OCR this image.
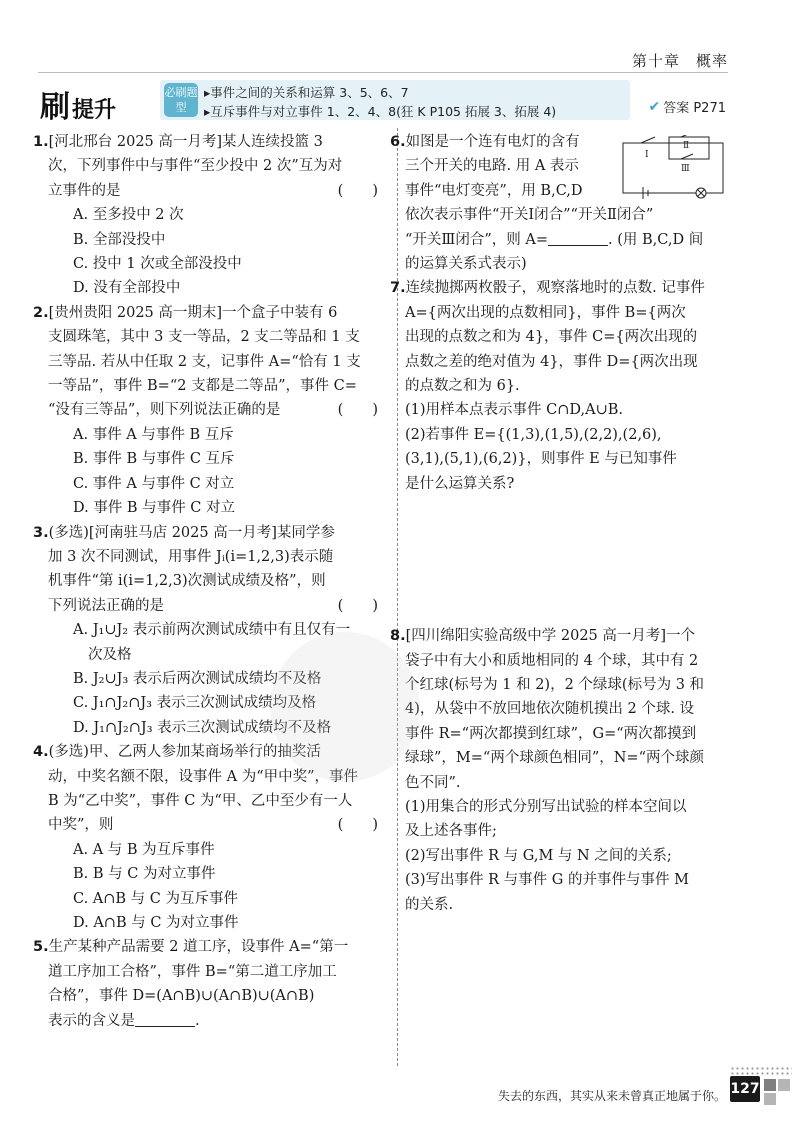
第十章　概率
刷 提升
必刷题型
▸事件之间的关系和运算 3、5、6、7
▸互斥事件与对立事件 1、2、4、8(狂 K P105 拓展 3、拓展 4)	✔ 答案 P271
1.[河北邢台 2025 高一月考]某人连续投篮 3
次，下列事件中与事件“至少投中 2 次”互为对
立事件的是	(　　)
A. 至多投中 2 次
B. 全部没投中
C. 投中 1 次或全部没投中
D. 没有全部投中
2.[贵州贵阳 2025 高一期末]一个盒子中装有 6
支圆珠笔，其中 3 支一等品，2 支二等品和 1 支
三等品. 若从中任取 2 支，记事件 A=“恰有 1 支
一等品”，事件 B=“2 支都是二等品”，事件 C=
“没有三等品”，则下列说法正确的是	(　　)
A. 事件 A 与事件 B 互斥
B. 事件 B 与事件 C 互斥
C. 事件 A 与事件 C 对立
D. 事件 B 与事件 C 对立
3.(多选)[河南驻马店 2025 高一月考]某同学参
加 3 次不同测试，用事件 Jᵢ(i=1,2,3)表示随
机事件“第 i(i=1,2,3)次测试成绩及格”，则
下列说法正确的是	(　　)
A. J₁∪J₂ 表示前两次测试成绩中有且仅有一
次及格
B. J₂∪J₃ 表示后两次测试成绩均不及格
C. J₁∩J₂∩J₃ 表示三次测试成绩均及格
D. J₁∩J₂∩J₃ 表示三次测试成绩均不及格
4.(多选)甲、乙两人参加某商场举行的抽奖活
动，中奖名额不限，设事件 A 为“甲中奖”，事件
B 为“乙中奖”，事件 C 为“甲、乙中至少有一人
中奖”，则	(　　)
A. A 与 B 为互斥事件
B. B 与 C 为对立事件
C. A∩B 与 C 为互斥事件
D. A∩B 与 C 为对立事件
5.生产某种产品需要 2 道工序，设事件 A=“第一
道工序加工合格”，事件 B=“第二道工序加工
合格”，事件 D=(A∩B)∪(A∩B)∪(A∩B)
表示的含义是	.
6.如图是一个连有电灯的含有
三个开关的电路. 用 A 表示
事件“电灯变亮”，用 B,C,D
依次表示事件“开关Ⅰ闭合”“开关Ⅱ闭合”
“开关Ⅲ闭合”，则 A=	. (用 B,C,D 间
的运算关系式表示)
7.连续抛掷两枚骰子，观察落地时的点数. 记事件
A={两次出现的点数相同}，事件 B={两次
出现的点数之和为 4}，事件 C={两次出现的
点数之差的绝对值为 4}，事件 D={两次出现
的点数之和为 6}.
(1)用样本点表示事件 C∩D,A∪B.
(2)若事件 E={(1,3),(1,5),(2,2),(2,6),
(3,1),(5,1),(6,2)}，则事件 E 与已知事件
是什么运算关系?
8.[四川绵阳实验高级中学 2025 高一月考]一个
袋子中有大小和质地相同的 4 个球，其中有 2
个红球(标号为 1 和 2)，2 个绿球(标号为 3 和
4)，从袋中不放回地依次随机摸出 2 个球. 设
事件 R=“两次都摸到红球”，G=“两次都摸到
绿球”，M=“两个球颜色相同”，N=“两个球颜
色不同”.
(1)用集合的形式分别写出试验的样本空间以
及上述各事件;
(2)写出事件 R 与 G,M 与 N 之间的关系;
(3)写出事件 R 与事件 G 的并事件与事件 M
的关系.
Ⅰ
Ⅱ
Ⅲ
失去的东西，其实从来未曾真正地属于你。 127
